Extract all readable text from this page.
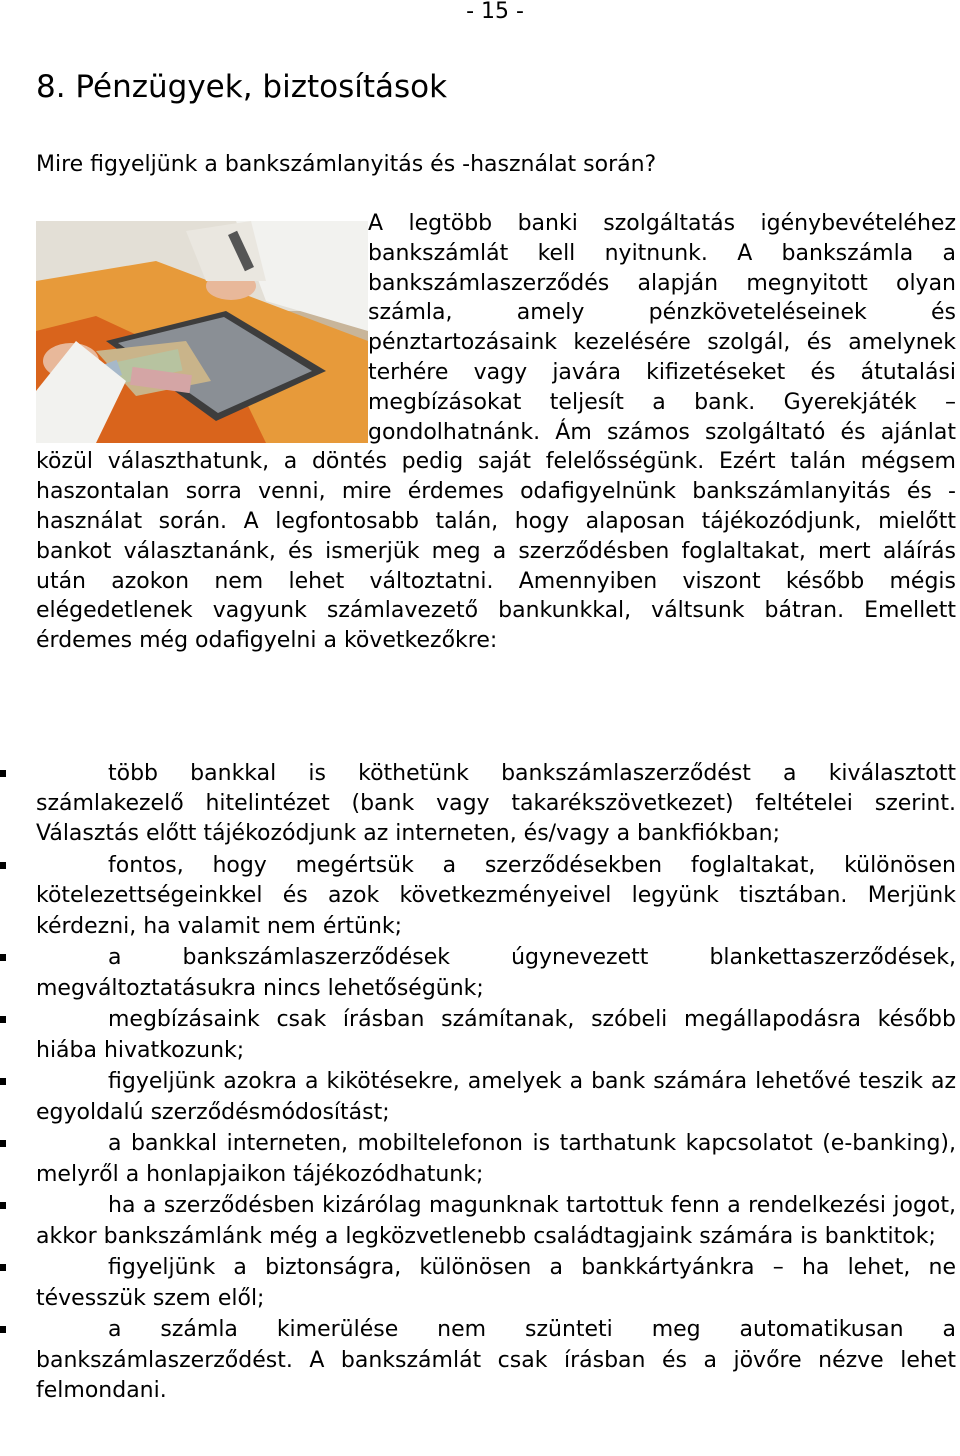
- 15 -
8. Pénzügyek, biztosítások

Mire figyeljünk a bankszámlanyitás és -használat során?

A legtöbb banki szolgáltatás igénybevételéhez bankszámlát kell nyitnunk. A bankszámla a bankszámlaszerződés alapján megnyitott olyan számla, amely pénzköveteléseinek és pénztartozásaink kezelésére szolgál, és amelynek terhére vagy javára kifizetéseket és átutalási megbízásokat teljesít a bank. Gyerekjáték – gondolhatnánk. Ám számos szolgáltató és ajánlat közül választhatunk, a döntés pedig saját felelősségünk. Ezért talán mégsem haszontalan sorra venni, mire érdemes odafigyelnünk bankszámlanyitás és -használat során. A legfontosabb talán, hogy alaposan tájékozódjunk, mielőtt bankot választanánk, és ismerjük meg a szerződésben foglaltakat, mert aláírás után azokon nem lehet változtatni. Amennyiben viszont később mégis elégedetlenek vagyunk számlavezető bankunkkal, váltsunk bátran. Emellett érdemes még odafigyelni a következőkre:
több bankkal is köthetünk bankszámlaszerződést a kiválasztott számlakezelő hitelintézet (bank vagy takarékszövetkezet) feltételei szerint. Választás előtt tájékozódjunk az interneten, és/vagy a bankfiókban;
fontos, hogy megértsük a szerződésekben foglaltakat, különösen kötelezettségeinkkel és azok következményeivel legyünk tisztában. Merjünk kérdezni, ha valamit nem értünk;
a bankszámlaszerződések úgynevezett blankettaszerződések, megváltoztatásukra nincs lehetőségünk;
megbízásaink csak írásban számítanak, szóbeli megállapodásra később hiába hivatkozunk;
figyeljünk azokra a kikötésekre, amelyek a bank számára lehetővé teszik az egyoldalú szerződésmódosítást;
a bankkal interneten, mobiltelefonon is tarthatunk kapcsolatot (e-banking), melyről a honlapjaikon tájékozódhatunk;
ha a szerződésben kizárólag magunknak tartottuk fenn a rendelkezési jogot, akkor bankszámlánk még a legközvetlenebb családtagjaink számára is banktitok;
figyeljünk a biztonságra, különösen a bankkártyánkra – ha lehet, ne tévesszük szem elől;
a számla kimerülése nem szünteti meg automatikusan a bankszámlaszerződést. A bankszámlát csak írásban és a jövőre nézve lehet felmondani.
